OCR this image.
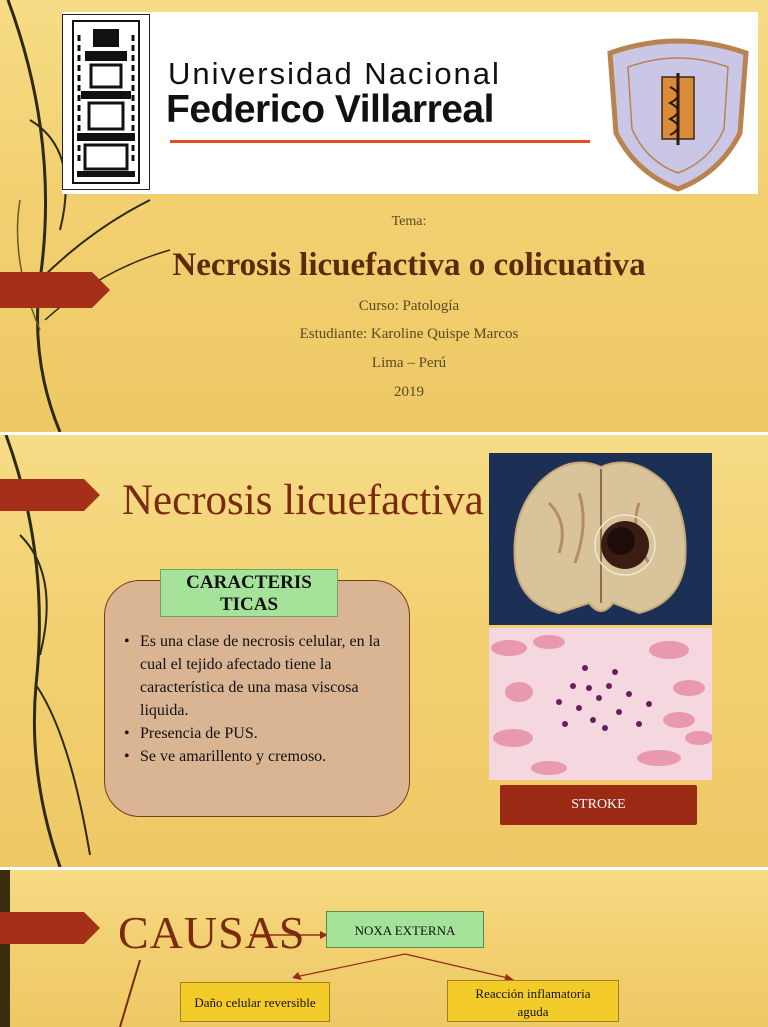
Universidad Nacional
Federico Villarreal
Tema:
Necrosis licuefactiva o colicuativa
Curso: Patología
Estudiante: Karoline Quispe Marcos
Lima – Perú
2019
Necrosis licuefactiva
STROKE
CARACTERIS
TICAS
• Es una clase de necrosis celular, en la cual el tejido afectado tiene la característica de una masa viscosa liquida.
• Presencia de PUS.
• Se ve amarillento y cremoso.
CAUSAS	NOXA EXTERNA
Daño celular reversible
Reacción inflamatoria
aguda
